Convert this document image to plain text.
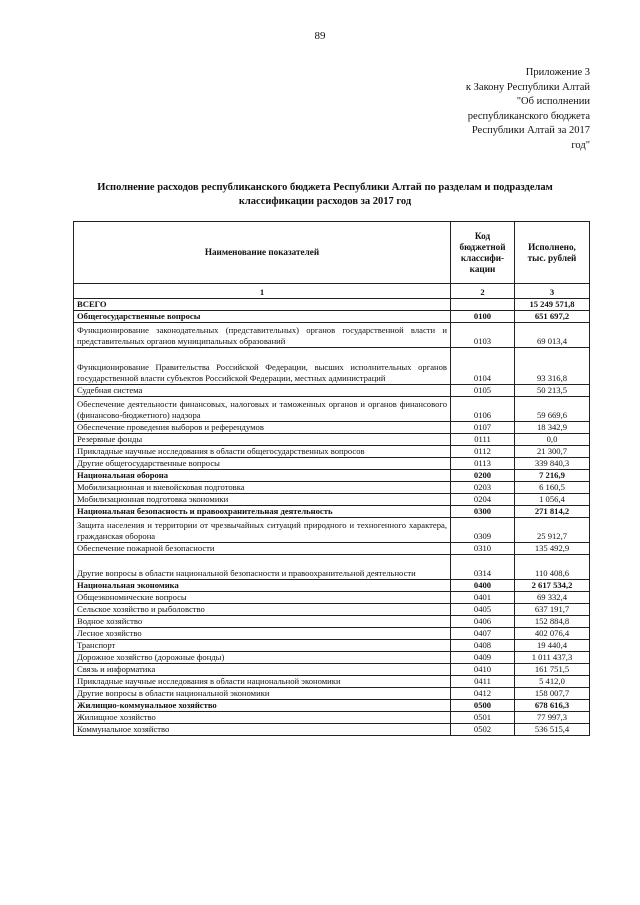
89
Приложение 3
к Закону Республики Алтай
"Об исполнении
республиканского бюджета
Республики Алтай за 2017
год"
Исполнение расходов республиканского бюджета Республики Алтай по разделам и подразделам
классификации расходов за 2017 год
Наименование показателей	Код бюджетной классифи-кации	Исполнено, тыс. рублей
1	2	3
ВСЕГО		15 249 571,8
Общегосударственные вопросы	0100	651 697,2
Функционирование законодательных (представительных) органов государственной власти и представительных органов муниципальных образований	0103	69 013,4
Функционирование Правительства Российской Федерации, высших исполнительных органов государственной власти субъектов Российской Федерации, местных администраций	0104	93 316,8
Судебная система	0105	50 213,5
Обеспечение деятельности финансовых, налоговых и таможенных органов и органов финансового (финансово-бюджетного) надзора	0106	59 669,6
Обеспечение проведения выборов и референдумов	0107	18 342,9
Резервные фонды	0111	0,0
Прикладные научные исследования в области общегосударственных вопросов	0112	21 300,7
Другие общегосударственные вопросы	0113	339 840,3
Национальная оборона	0200	7 216,9
Мобилизационная и вневойсковая подготовка	0203	6 160,5
Мобилизационная подготовка экономики	0204	1 056,4
Национальная безопасность и правоохранительная деятельность	0300	271 814,2
Защита населения и территории от чрезвычайных ситуаций природного и техногенного характера, гражданская оборона	0309	25 912,7
Обеспечение пожарной безопасности	0310	135 492,9
Другие вопросы в области национальной безопасности и правоохранительной деятельности	0314	110 408,6
Национальная экономика	0400	2 617 534,2
Общеэкономические вопросы	0401	69 332,4
Сельское хозяйство и рыболовство	0405	637 191,7
Водное хозяйство	0406	152 884,8
Лесное хозяйство	0407	402 076,4
Транспорт	0408	19 440,4
Дорожное хозяйство (дорожные фонды)	0409	1 011 437,3
Связь и информатика	0410	161 751,5
Прикладные научные исследования в области национальной экономики	0411	5 412,0
Другие вопросы в области национальной экономики	0412	158 007,7
Жилищно-коммунальное хозяйство	0500	678 616,3
Жилищное хозяйство	0501	77 997,3
Коммунальное хозяйство	0502	536 515,4
